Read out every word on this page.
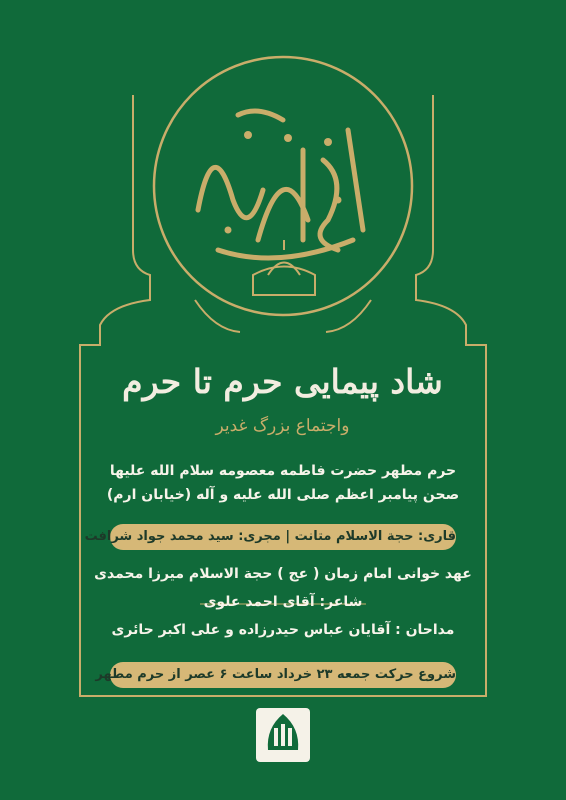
شاد پیمایی حرم تا حرم
واجتماع بزرگ غدیر
حرم مطهر حضرت فاطمه معصومه سلام الله علیها
صحن پیامبر اعظم صلی الله علیه و آله (خیابان ارم)
قاری: حجة الاسلام متانت | مجری: سید محمد جواد شرافت
عهد خوانی امام زمان ( عج ) حجة الاسلام میرزا محمدی
شاعر: آقای احمد علوی
مداحان : آقایان عباس حیدرزاده و علی اکبر حائری
شروع حرکت جمعه ۲۳ خرداد ساعت ۶ عصر از حرم مطهر
